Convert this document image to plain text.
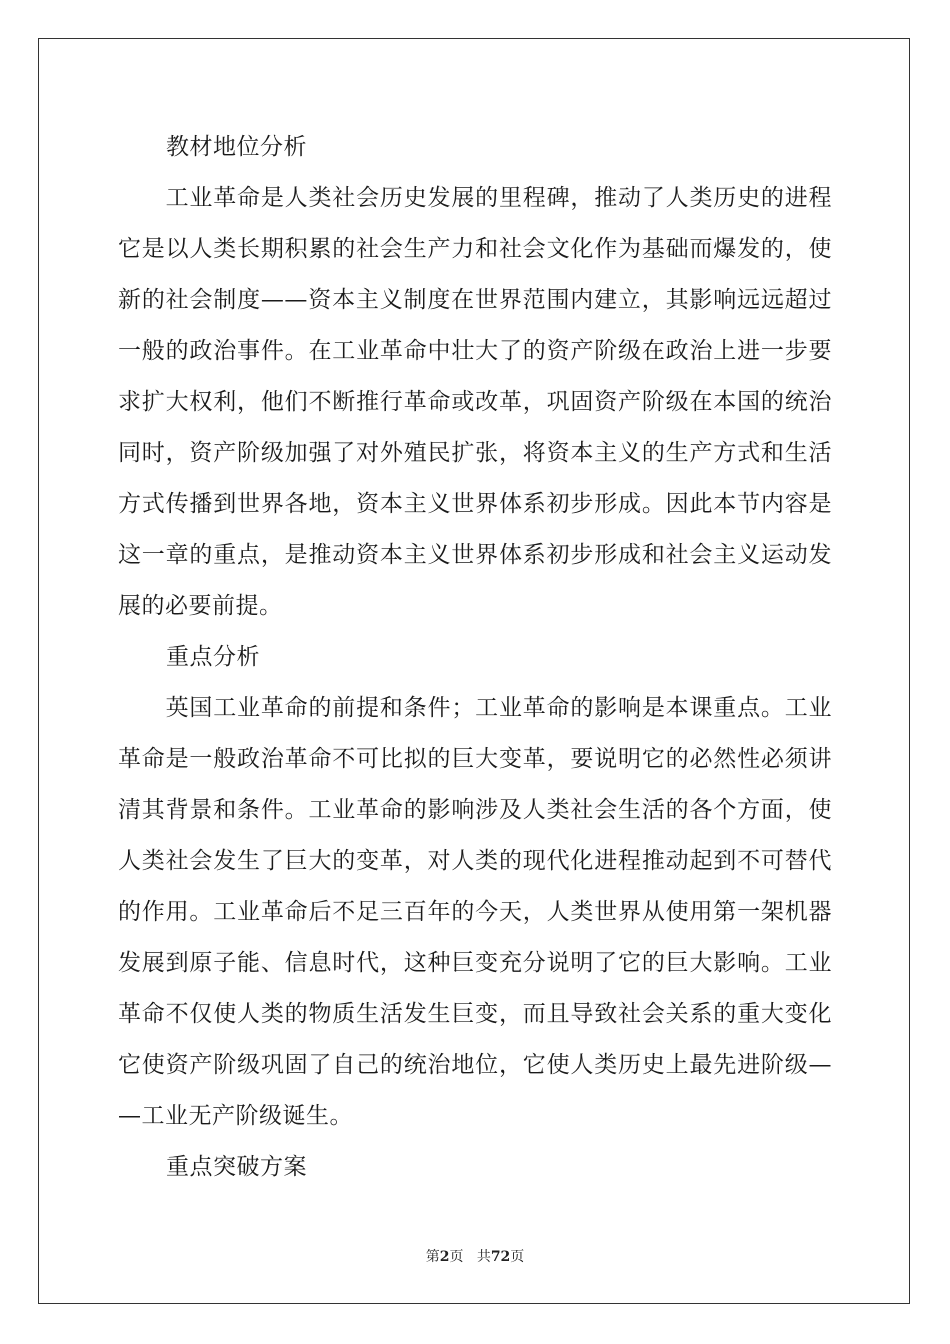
教材地位分析
　　工业革命是人类社会历史发展的里程碑，推动了人类历史的进程
它是以人类长期积累的社会生产力和社会文化作为基础而爆发的，使
新的社会制度——资本主义制度在世界范围内建立，其影响远远超过
一般的政治事件。在工业革命中壮大了的资产阶级在政治上进一步要
求扩大权利，他们不断推行革命或改革，巩固资产阶级在本国的统治
同时，资产阶级加强了对外殖民扩张，将资本主义的生产方式和生活
方式传播到世界各地，资本主义世界体系初步形成。因此本节内容是
这一章的重点，是推动资本主义世界体系初步形成和社会主义运动发
展的必要前提。
重点分析
　　英国工业革命的前提和条件；工业革命的影响是本课重点。工业
革命是一般政治革命不可比拟的巨大变革，要说明它的必然性必须讲
清其背景和条件。工业革命的影响涉及人类社会生活的各个方面，使
人类社会发生了巨大的变革，对人类的现代化进程推动起到不可替代
的作用。工业革命后不足三百年的今天，人类世界从使用第一架机器
发展到原子能、信息时代，这种巨变充分说明了它的巨大影响。工业
革命不仅使人类的物质生活发生巨变，而且导致社会关系的重大变化
它使资产阶级巩固了自己的统治地位，它使人类历史上最先进阶级—
—工业无产阶级诞生。
重点突破方案
第2页 共72页
